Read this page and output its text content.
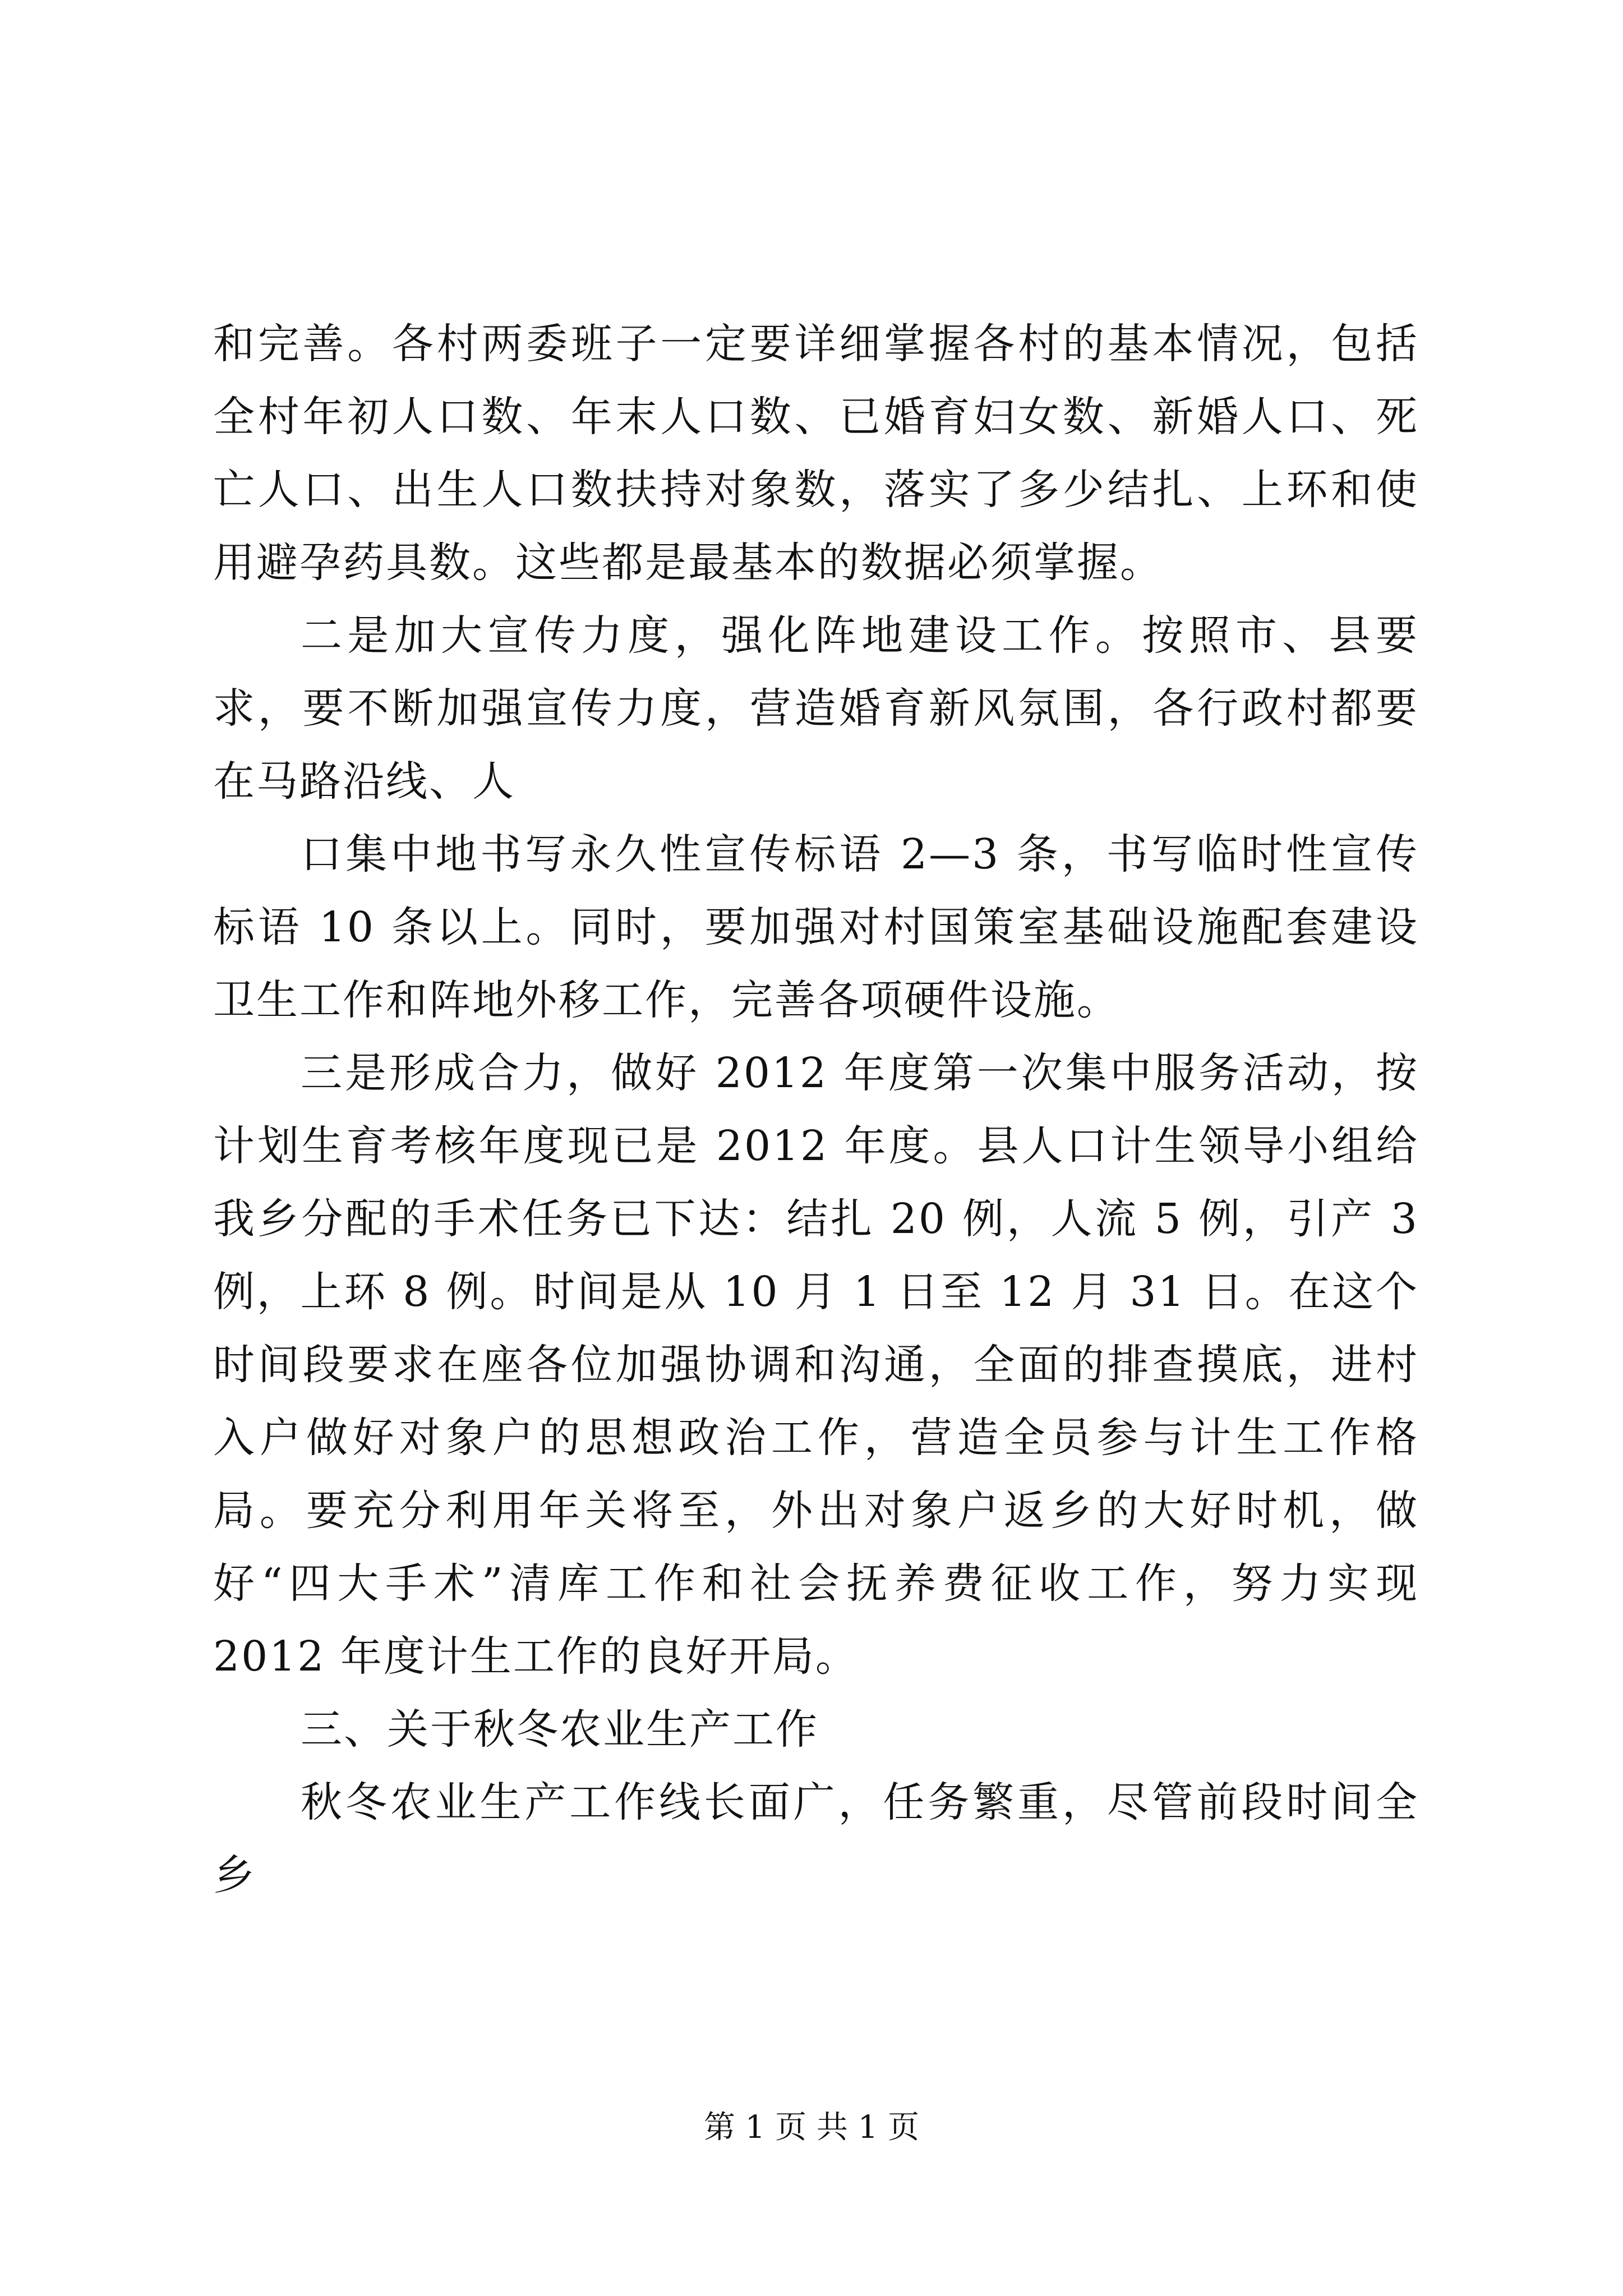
和完善。各村两委班子一定要详细掌握各村的基本情况，包括全村年初人口数、年末人口数、已婚育妇女数、新婚人口、死亡人口、出生人口数扶持对象数，落实了多少结扎、上环和使用避孕药具数。这些都是最基本的数据必须掌握。

二是加大宣传力度，强化阵地建设工作。按照市、县要求，要不断加强宣传力度，营造婚育新风氛围，各行政村都要在马路沿线、人

口集中地书写永久性宣传标语 2—3 条，书写临时性宣传标语 10 条以上。同时，要加强对村国策室基础设施配套建设卫生工作和阵地外移工作，完善各项硬件设施。

三是形成合力，做好 2012 年度第一次集中服务活动，按计划生育考核年度现已是 2012 年度。县人口计生领导小组给我乡分配的手术任务已下达：结扎 20 例，人流 5 例，引产 3 例，上环 8 例。时间是从 10 月 1 日至 12 月 31 日。在这个时间段要求在座各位加强协调和沟通，全面的排查摸底，进村入户做好对象户的思想政治工作，营造全员参与计生工作格局。要充分利用年关将至，外出对象户返乡的大好时机，做好“四大手术”清库工作和社会抚养费征收工作，努力实现 2012 年度计生工作的良好开局。

三、关于秋冬农业生产工作

秋冬农业生产工作线长面广，任务繁重，尽管前段时间全乡

第 1 页 共 1 页
